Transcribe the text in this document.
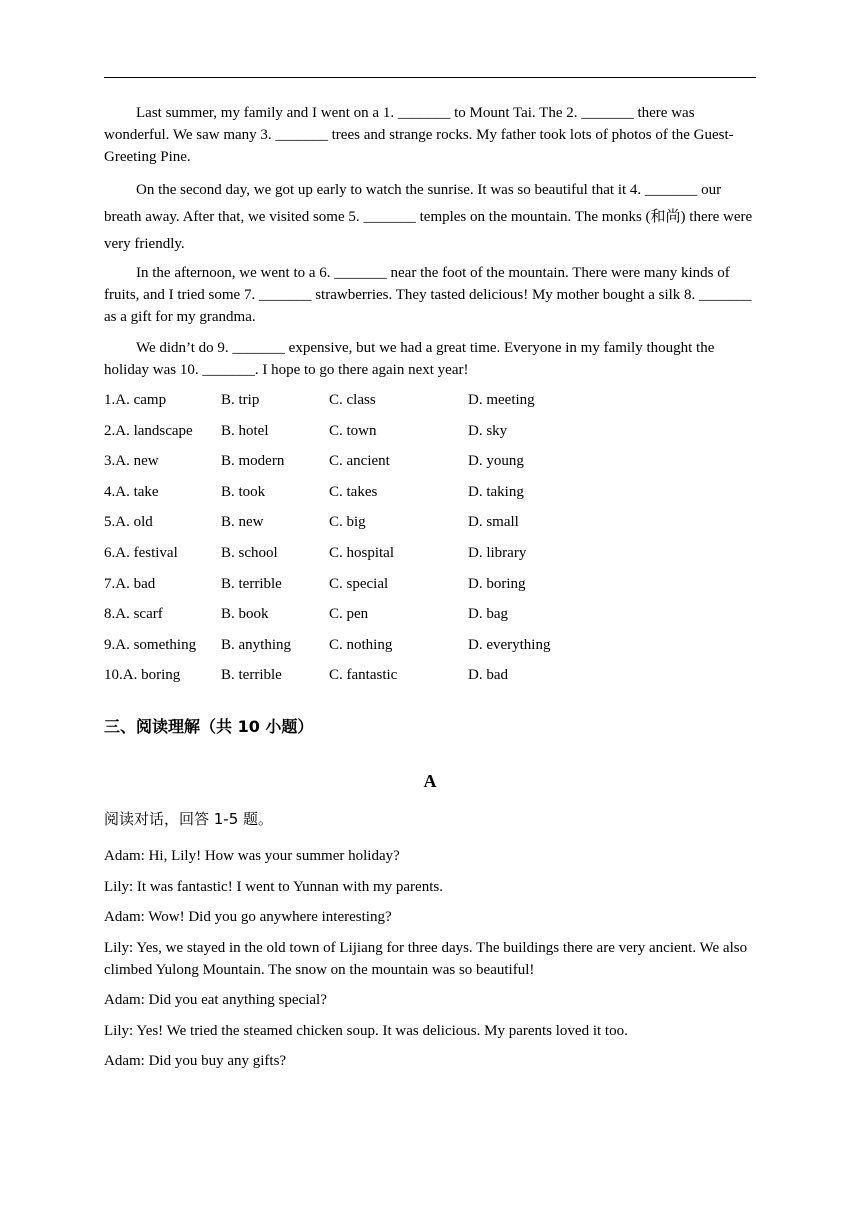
Last summer, my family and I went on a 1. _______ to Mount Tai. The 2. _______ there was wonderful. We saw many 3. _______ trees and strange rocks. My father took lots of photos of the Guest-Greeting Pine.

On the second day, we got up early to watch the sunrise. It was so beautiful that it 4. _______ our breath away. After that, we visited some 5. _______ temples on the mountain. The monks (和尚) there were very friendly.

In the afternoon, we went to a 6. _______ near the foot of the mountain. There were many kinds of fruits, and I tried some 7. _______ strawberries. They tasted delicious! My mother bought a silk 8. _______ as a gift for my grandma.

We didn’t do 9. _______ expensive, but we had a great time. Everyone in my family thought the holiday was 10. _______. I hope to go there again next year!

1.A. camp	B. trip	C. class	D. meeting
2.A. landscape B. hotel	C. town	D. sky
3.A. new	B. modern	C. ancient	D. young
4.A. take	B. took	C. takes	D. taking
5.A. old	B. new	C. big	D. small
6.A. festival	B. school	C. hospital	D. library
7.A. bad	B. terrible	C. special	D. boring
8.A. scarf	B. book	C. pen	D. bag
9.A. something B. anything	C. nothing	D. everything
10.A. boring	B. terrible	C. fantastic	D. bad
三、阅读理解（共 10 小题）
A

阅读对话，回答 1-5 题。

Adam: Hi, Lily! How was your summer holiday?

Lily: It was fantastic! I went to Yunnan with my parents.

Adam: Wow! Did you go anywhere interesting?

Lily: Yes, we stayed in the old town of Lijiang for three days. The buildings there are very ancient. We also climbed Yulong Mountain. The snow on the mountain was so beautiful!

Adam: Did you eat anything special?

Lily: Yes! We tried the steamed chicken soup. It was delicious. My parents loved it too.

Adam: Did you buy any gifts?
